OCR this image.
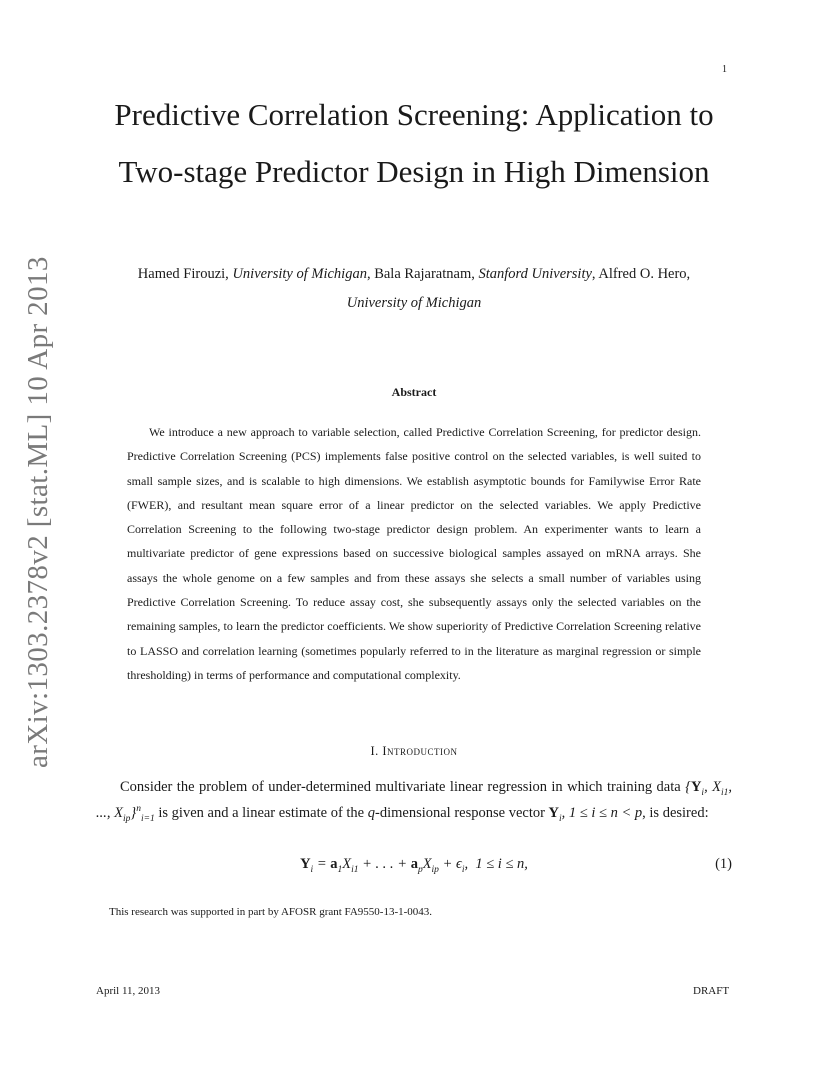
1
arXiv:1303.2378v2 [stat.ML] 10 Apr 2013
Predictive Correlation Screening: Application to Two-stage Predictor Design in High Dimension
Hamed Firouzi, University of Michigan, Bala Rajaratnam, Stanford University, Alfred O. Hero,
University of Michigan
Abstract

We introduce a new approach to variable selection, called Predictive Correlation Screening, for predictor design. Predictive Correlation Screening (PCS) implements false positive control on the selected variables, is well suited to small sample sizes, and is scalable to high dimensions. We establish asymptotic bounds for Familywise Error Rate (FWER), and resultant mean square error of a linear predictor on the selected variables. We apply Predictive Correlation Screening to the following two-stage predictor design problem. An experimenter wants to learn a multivariate predictor of gene expressions based on successive biological samples assayed on mRNA arrays. She assays the whole genome on a few samples and from these assays she selects a small number of variables using Predictive Correlation Screening. To reduce assay cost, she subsequently assays only the selected variables on the remaining samples, to learn the predictor coefficients. We show superiority of Predictive Correlation Screening relative to LASSO and correlation learning (sometimes popularly referred to in the literature as marginal regression or simple thresholding) in terms of performance and computational complexity.

I. Introduction

Consider the problem of under-determined multivariate linear regression in which training data {$Y_i$, $X_{i1}$, ..., $X_{ip}\}^n_{i=1}$ is given and a linear estimate of the q-dimensional response vector $Y_i$, 1 ≤ i ≤ n < p, is desired:

$Y_i = a_1X_{i1}$ + . . . + $a_pX_{ip} + \epsilon_i$,  1 ≤ i ≤ n,	(1)
This research was supported in part by AFOSR grant FA9550-13-1-0043.
April 11, 2013	DRAFT
